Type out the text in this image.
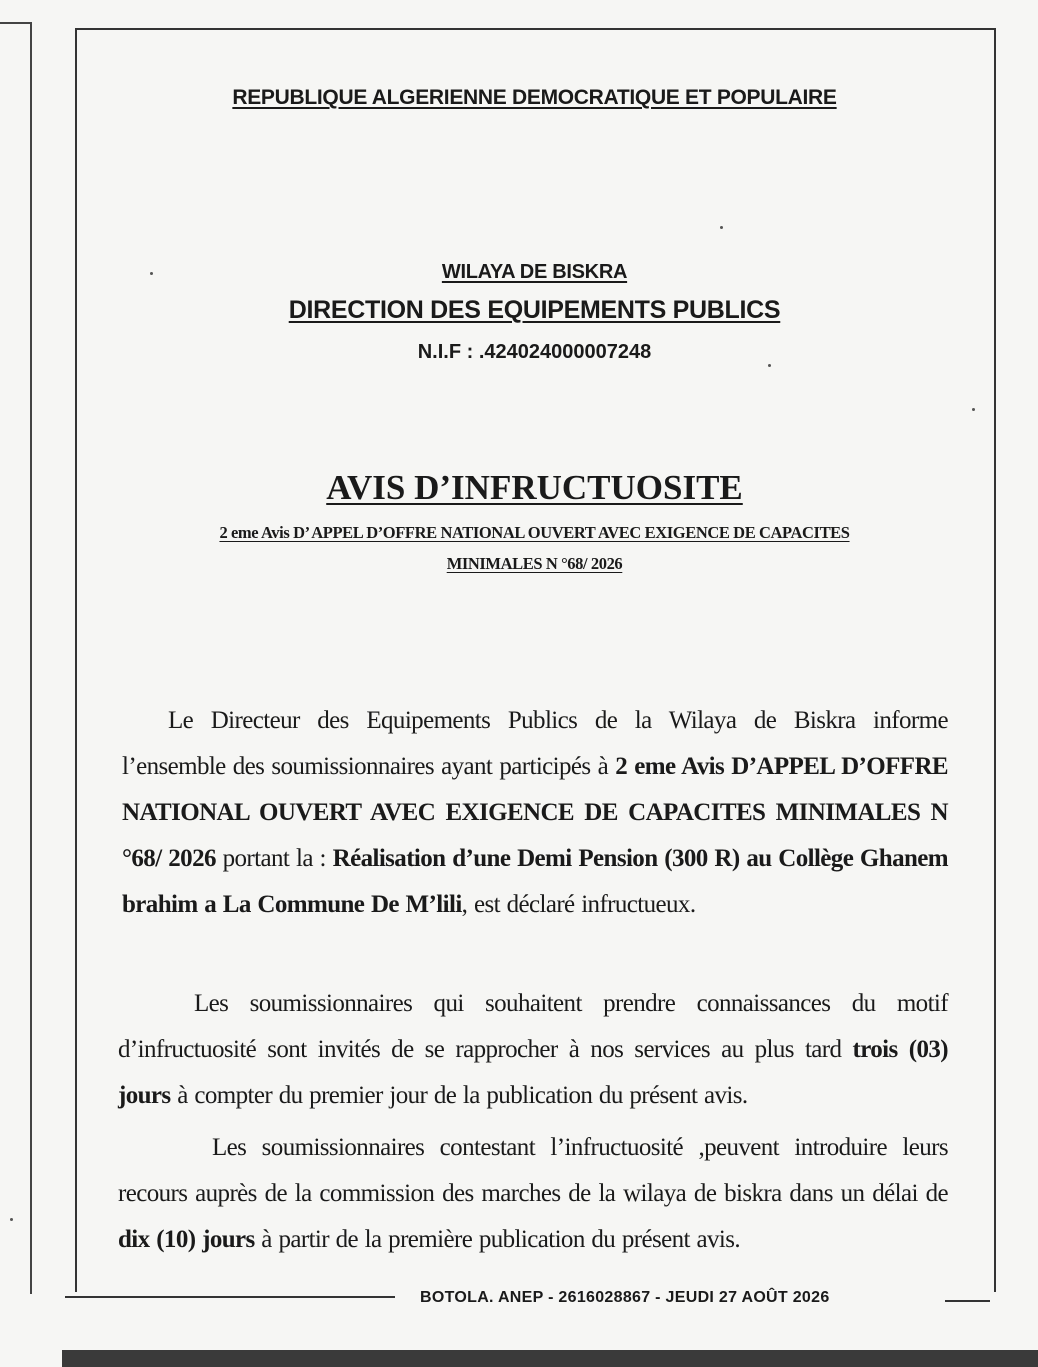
REPUBLIQUE ALGERIENNE DEMOCRATIQUE ET POPULAIRE
WILAYA DE BISKRA
DIRECTION DES EQUIPEMENTS PUBLICS
N.I.F : .424024000007248
AVIS D’INFRUCTUOSITE
2 eme Avis D’ APPEL D’OFFRE NATIONAL OUVERT AVEC EXIGENCE DE CAPACITES
MINIMALES N °68/ 2026
Le Directeur des Equipements Publics de la Wilaya de Biskra informe l’ensemble des soumissionnaires ayant participés à 2 eme Avis D’APPEL D’OFFRE NATIONAL OUVERT AVEC EXIGENCE DE CAPACITES MINIMALES N °68/ 2026 portant la : Réalisation d’une Demi Pension (300 R) au Collège Ghanem brahim a La Commune De M’lili, est déclaré infructueux.
Les soumissionnaires qui souhaitent prendre connaissances du motif d’infructuosité sont invités de se rapprocher à nos services au plus tard trois (03) jours à compter du premier jour de la publication du présent avis.
Les soumissionnaires contestant l’infructuosité ,peuvent introduire leurs recours auprès de la commission des marches de la wilaya de biskra dans un délai de dix (10) jours à partir de la première publication du présent avis.
BOTOLA. ANEP - 2616028867 - JEUDI 27 AOÛT 2026
